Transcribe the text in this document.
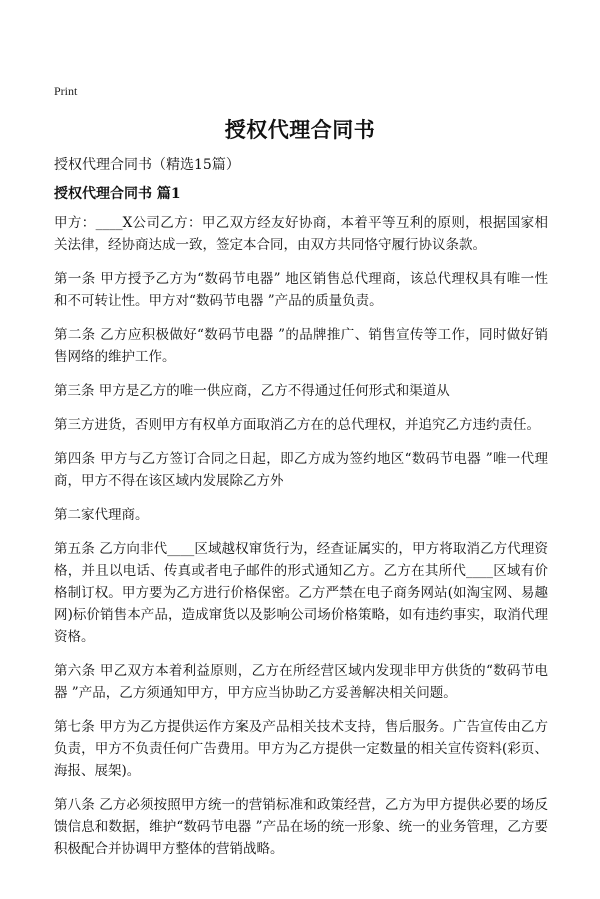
Print
授权代理合同书
授权代理合同书（精选15篇）
授权代理合同书 篇1

甲方：____X公司乙方：甲乙双方经友好协商，本着平等互利的原则，根据国家相关法律，经协商达成一致，签定本合同，由双方共同恪守履行协议条款。

第一条 甲方授予乙方为“数码节电器” 地区销售总代理商，该总代理权具有唯一性和不可转让性。甲方对“数码节电器 ”产品的质量负责。

第二条 乙方应积极做好“数码节电器 ”的品牌推广、销售宣传等工作，同时做好销售网络的维护工作。

第三条 甲方是乙方的唯一供应商，乙方不得通过任何形式和渠道从

第三方进货，否则甲方有权单方面取消乙方在的总代理权，并追究乙方违约责任。

第四条 甲方与乙方签订合同之日起，即乙方成为签约地区“数码节电器 ”唯一代理商，甲方不得在该区域内发展除乙方外

第二家代理商。

第五条 乙方向非代____区域越权窜货行为，经查证属实的，甲方将取消乙方代理资格，并且以电话、传真或者电子邮件的形式通知乙方。乙方在其所代____区域有价格制订权。甲方要为乙方进行价格保密。乙方严禁在电子商务网站(如淘宝网、易趣网)标价销售本产品，造成窜货以及影响公司场价格策略，如有违约事实，取消代理资格。

第六条 甲乙双方本着利益原则，乙方在所经营区域内发现非甲方供货的“数码节电器 ”产品，乙方须通知甲方，甲方应当协助乙方妥善解决相关问题。

第七条 甲方为乙方提供运作方案及产品相关技术支持，售后服务。广告宣传由乙方负责，甲方不负责任何广告费用。甲方为乙方提供一定数量的相关宣传资料(彩页、海报、展架)。

第八条 乙方必须按照甲方统一的营销标准和政策经营，乙方为甲方提供必要的场反馈信息和数据，维护“数码节电器 ”产品在场的统一形象、统一的业务管理，乙方要积极配合并协调甲方整体的营销战略。
